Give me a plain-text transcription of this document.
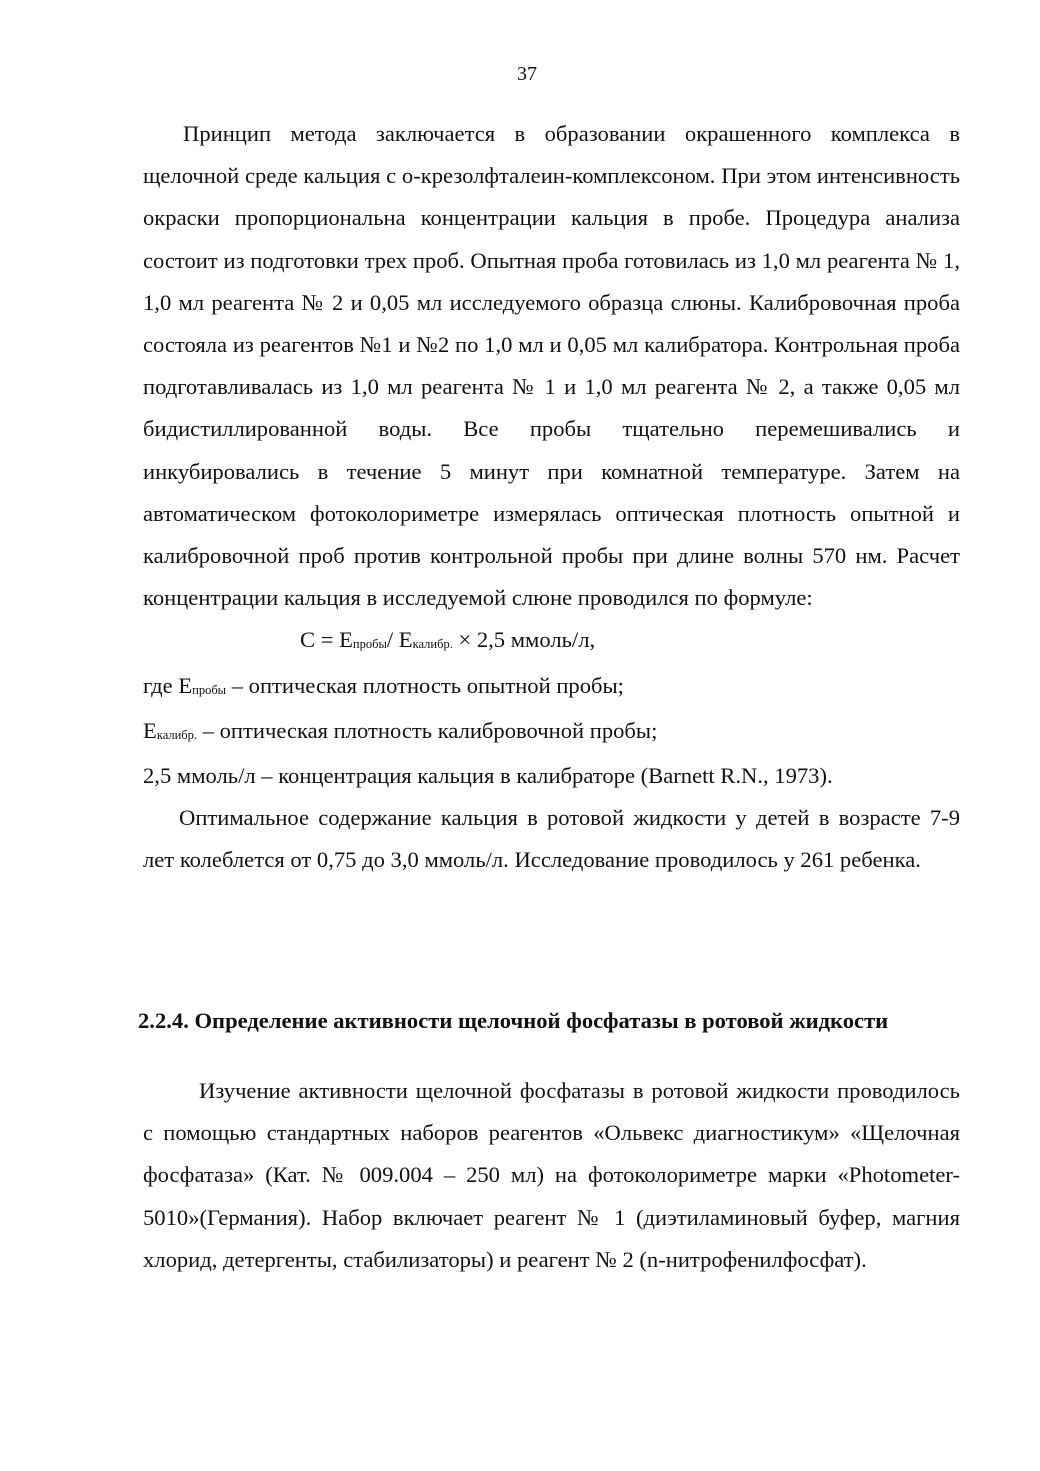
37

Принцип метода заключается в образовании окрашенного комплекса в щелочной среде кальция с о-крезолфталеин-комплексоном. При этом интенсивность окраски пропорциональна концентрации кальция в пробе. Процедура анализа состоит из подготовки трех проб. Опытная проба готовилась из 1,0 мл реагента № 1, 1,0 мл реагента № 2 и 0,05 мл исследуемого образца слюны. Калибровочная проба состояла из реагентов №1 и №2 по 1,0 мл и 0,05 мл калибратора. Контрольная проба подготавливалась из 1,0 мл реагента № 1 и 1,0 мл реагента № 2, а также 0,05 мл бидистиллированной воды. Все пробы тщательно перемешивались и инкубировались в течение 5 минут при комнатной температуре. Затем на автоматическом фотоколориметре измерялась оптическая плотность опытной и калибровочной проб против контрольной пробы при длине волны 570 нм. Расчет концентрации кальция в исследуемой слюне проводился по формуле:

$С = Е_{пробы}/$ $Е_{калибр.} \times 2,5$ ммоль/л,
где $Е_{пробы}$ – оптическая плотность опытной пробы;
$Е_{калибр.}$ – оптическая плотность калибровочной пробы;
2,5 ммоль/л – концентрация кальция в калибраторе (Barnett R.N., 1973).

Оптимальное содержание кальция в ротовой жидкости у детей в возрасте 7-9 лет колеблется от 0,75 до 3,0 ммоль/л. Исследование проводилось у 261 ребенка.

2.2.4. Определение активности щелочной фосфатазы в ротовой жидкости

Изучение активности щелочной фосфатазы в ротовой жидкости проводилось с помощью стандартных наборов реагентов «Ольвекс диагностикум» «Щелочная фосфатаза» (Кат. № 009.004 – 250 мл) на фотоколориметре марки «Photometer-5010»(Германия). Набор включает реагент № 1 (диэтиламиновый буфер, магния хлорид, детергенты, стабилизаторы) и реагент № 2 (n-нитрофенилфосфат).
